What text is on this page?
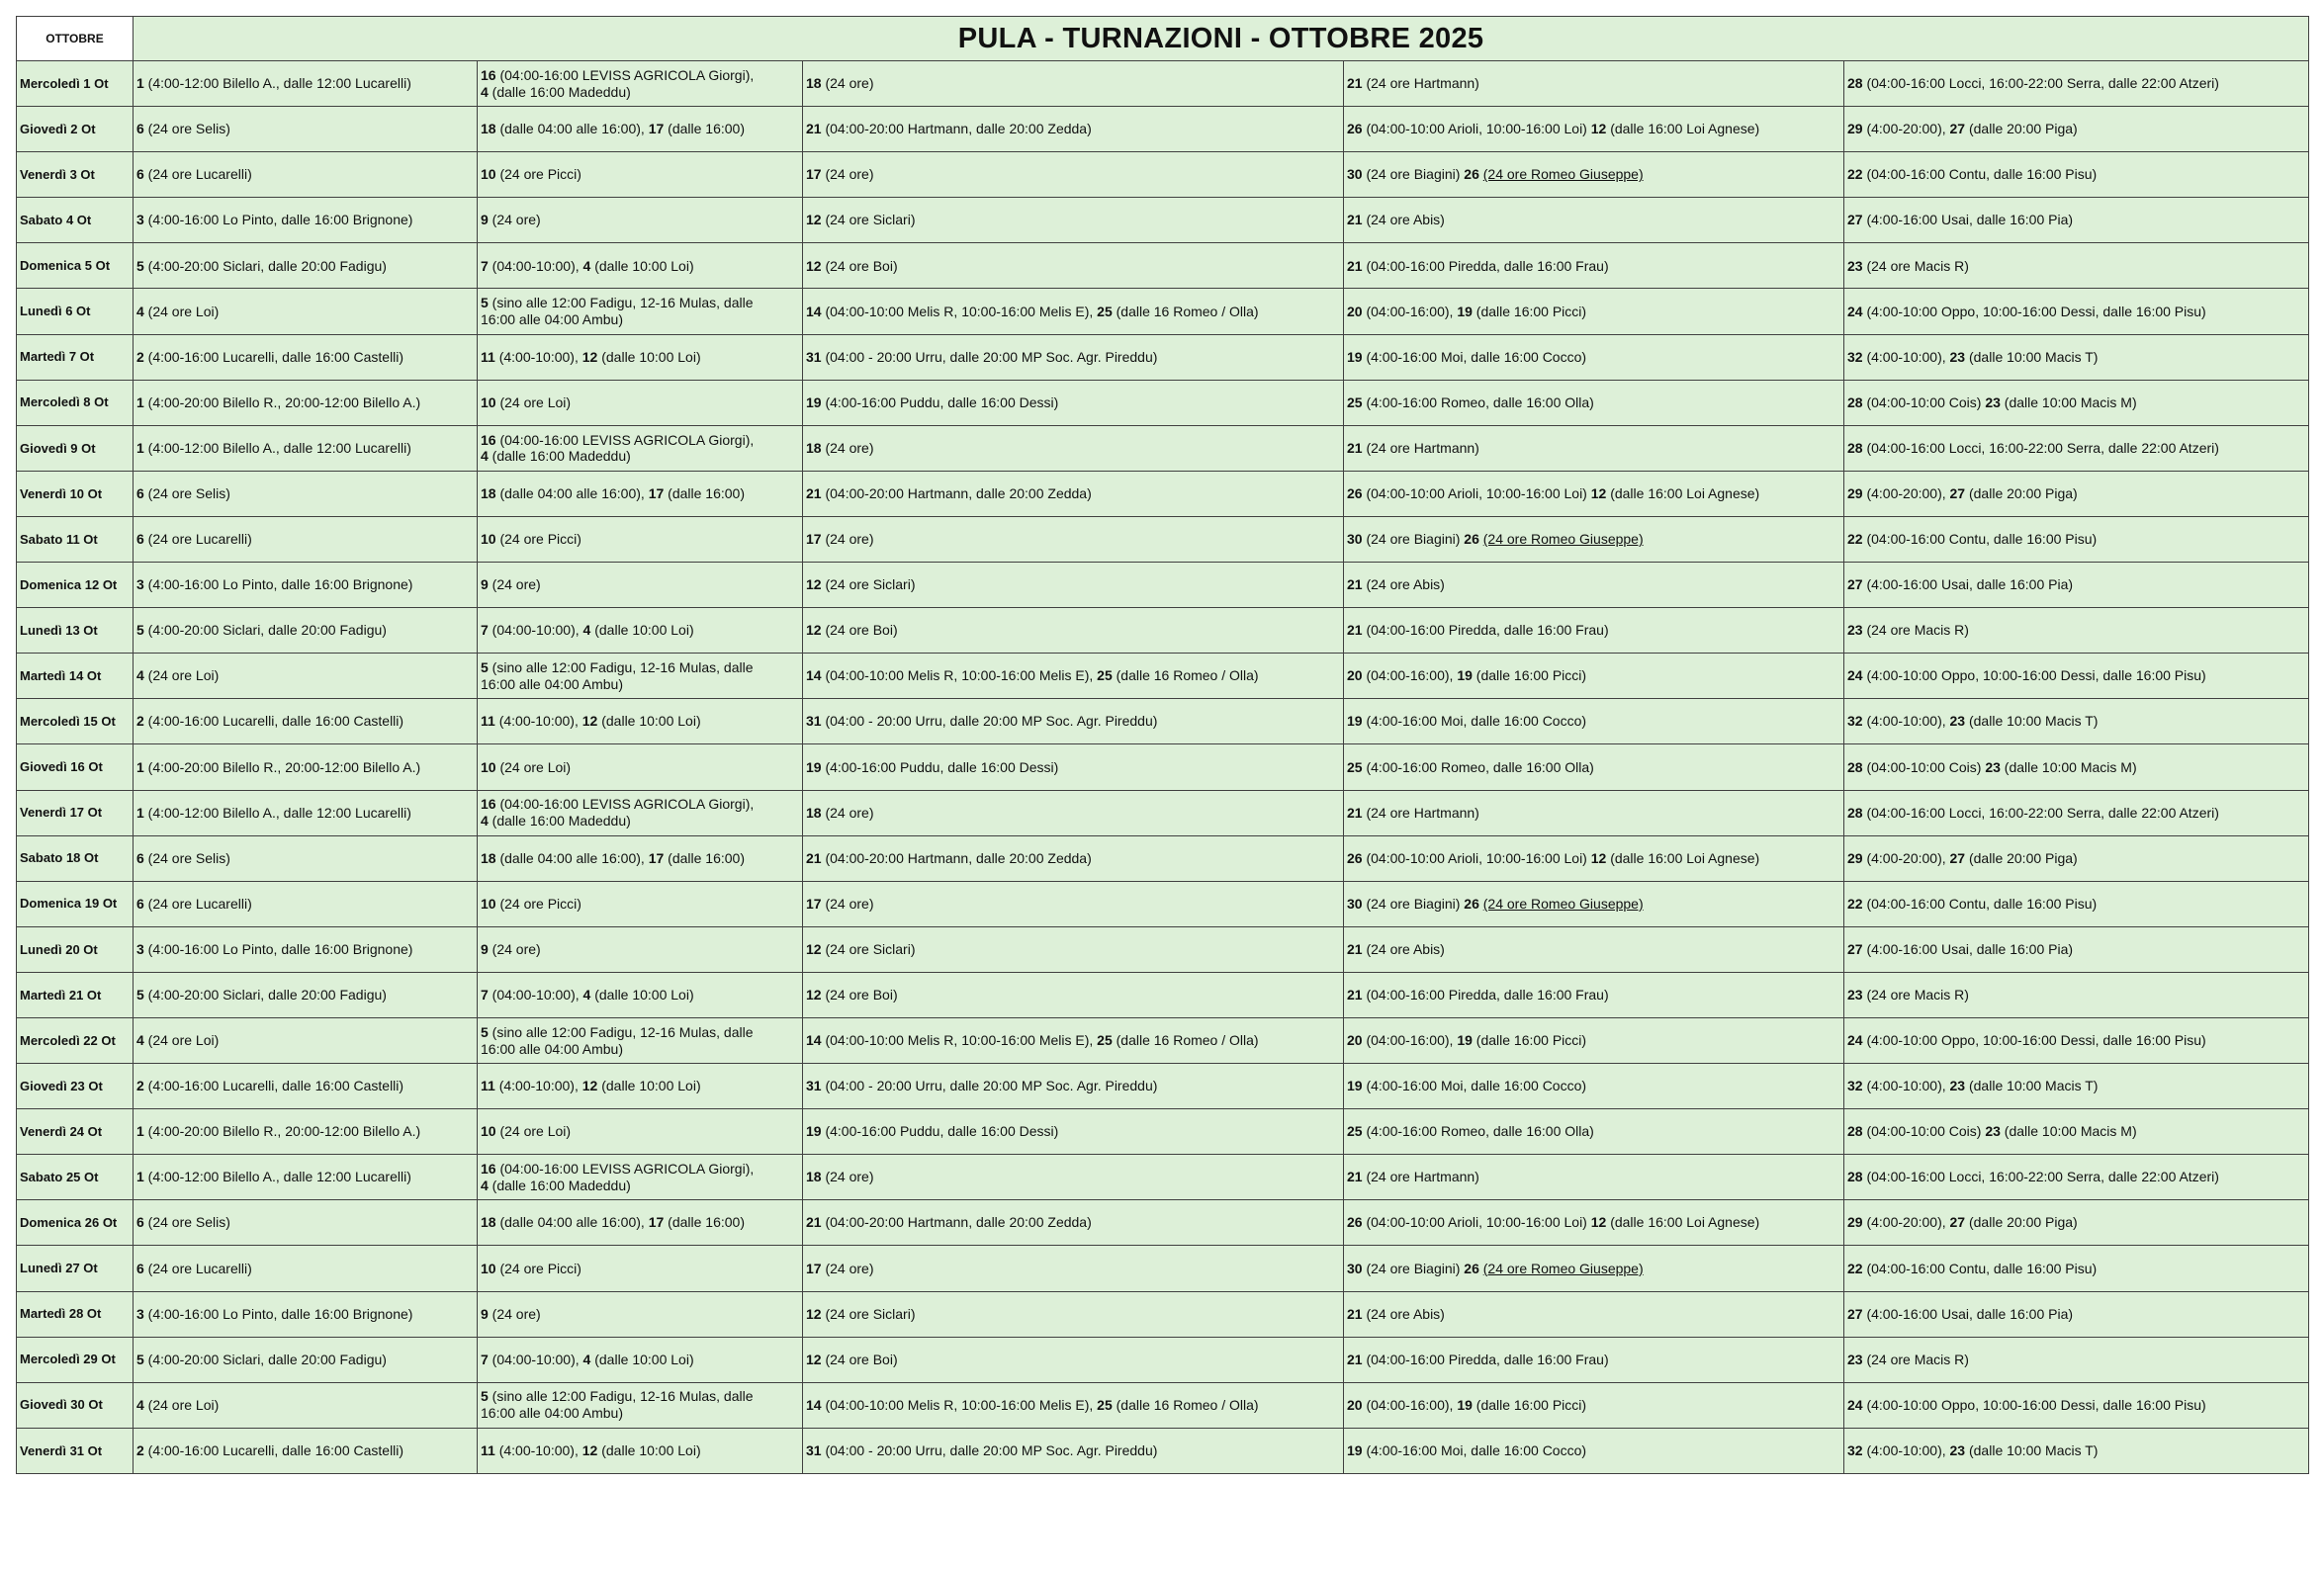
OTTOBRE	PULA - TURNAZIONI - OTTOBRE 2025				
Mercoledì 1 Ot	1 (4:00-12:00 Bilello A., dalle 12:00 Lucarelli)	16 (04:00-16:00 LEVISS AGRICOLA Giorgi),
4 (dalle 16:00 Madeddu)	18 (24 ore)	21 (24 ore Hartmann)	28 (04:00-16:00 Locci, 16:00-22:00 Serra, dalle 22:00 Atzeri)
Giovedì 2 Ot	6 (24 ore Selis)	18 (dalle 04:00 alle 16:00), 17 (dalle 16:00)	21 (04:00-20:00 Hartmann, dalle 20:00 Zedda)	26 (04:00-10:00 Arioli, 10:00-16:00 Loi) 12 (dalle 16:00 Loi Agnese)	29 (4:00-20:00), 27 (dalle 20:00 Piga)
Venerdì 3 Ot	6 (24 ore Lucarelli)	10 (24 ore Picci)	17 (24 ore)	30 (24 ore Biagini) 26 (24 ore Romeo Giuseppe)	22 (04:00-16:00 Contu, dalle 16:00 Pisu)
Sabato 4 Ot	3 (4:00-16:00 Lo Pinto, dalle 16:00 Brignone)	9 (24 ore)	12 (24 ore Siclari)	21 (24 ore Abis)	27 (4:00-16:00 Usai, dalle 16:00 Pia)
Domenica 5 Ot	5 (4:00-20:00 Siclari, dalle 20:00 Fadigu)	7 (04:00-10:00), 4 (dalle 10:00 Loi)	12 (24 ore Boi)	21 (04:00-16:00 Piredda, dalle 16:00 Frau)	23 (24 ore Macis R)
Lunedì 6 Ot	4 (24 ore Loi)	5 (sino alle 12:00 Fadigu, 12-16 Mulas, dalle
16:00 alle 04:00 Ambu)	14 (04:00-10:00 Melis R, 10:00-16:00 Melis E), 25 (dalle 16 Romeo / Olla)	20 (04:00-16:00), 19 (dalle 16:00 Picci)	24 (4:00-10:00 Oppo, 10:00-16:00 Dessi, dalle 16:00 Pisu)
Martedì 7 Ot	2 (4:00-16:00 Lucarelli, dalle 16:00 Castelli)	11 (4:00-10:00), 12 (dalle 10:00 Loi)	31 (04:00 - 20:00 Urru, dalle 20:00 MP Soc. Agr. Pireddu)	19 (4:00-16:00 Moi, dalle 16:00 Cocco)	32 (4:00-10:00), 23 (dalle 10:00 Macis T)
Mercoledì 8 Ot	1 (4:00-20:00 Bilello R., 20:00-12:00 Bilello A.)	10 (24 ore Loi)	19 (4:00-16:00 Puddu, dalle 16:00 Dessi)	25 (4:00-16:00 Romeo, dalle 16:00 Olla)	28 (04:00-10:00 Cois) 23 (dalle 10:00 Macis M)
Giovedì 9 Ot	1 (4:00-12:00 Bilello A., dalle 12:00 Lucarelli)	16 (04:00-16:00 LEVISS AGRICOLA Giorgi),
4 (dalle 16:00 Madeddu)	18 (24 ore)	21 (24 ore Hartmann)	28 (04:00-16:00 Locci, 16:00-22:00 Serra, dalle 22:00 Atzeri)
Venerdì 10 Ot	6 (24 ore Selis)	18 (dalle 04:00 alle 16:00), 17 (dalle 16:00)	21 (04:00-20:00 Hartmann, dalle 20:00 Zedda)	26 (04:00-10:00 Arioli, 10:00-16:00 Loi) 12 (dalle 16:00 Loi Agnese)	29 (4:00-20:00), 27 (dalle 20:00 Piga)
Sabato 11 Ot	6 (24 ore Lucarelli)	10 (24 ore Picci)	17 (24 ore)	30 (24 ore Biagini) 26 (24 ore Romeo Giuseppe)	22 (04:00-16:00 Contu, dalle 16:00 Pisu)
Domenica 12 Ot	3 (4:00-16:00 Lo Pinto, dalle 16:00 Brignone)	9 (24 ore)	12 (24 ore Siclari)	21 (24 ore Abis)	27 (4:00-16:00 Usai, dalle 16:00 Pia)
Lunedì 13 Ot	5 (4:00-20:00 Siclari, dalle 20:00 Fadigu)	7 (04:00-10:00), 4 (dalle 10:00 Loi)	12 (24 ore Boi)	21 (04:00-16:00 Piredda, dalle 16:00 Frau)	23 (24 ore Macis R)
Martedì 14 Ot	4 (24 ore Loi)	5 (sino alle 12:00 Fadigu, 12-16 Mulas, dalle
16:00 alle 04:00 Ambu)	14 (04:00-10:00 Melis R, 10:00-16:00 Melis E), 25 (dalle 16 Romeo / Olla)	20 (04:00-16:00), 19 (dalle 16:00 Picci)	24 (4:00-10:00 Oppo, 10:00-16:00 Dessi, dalle 16:00 Pisu)
Mercoledì 15 Ot	2 (4:00-16:00 Lucarelli, dalle 16:00 Castelli)	11 (4:00-10:00), 12 (dalle 10:00 Loi)	31 (04:00 - 20:00 Urru, dalle 20:00 MP Soc. Agr. Pireddu)	19 (4:00-16:00 Moi, dalle 16:00 Cocco)	32 (4:00-10:00), 23 (dalle 10:00 Macis T)
Giovedì 16 Ot	1 (4:00-20:00 Bilello R., 20:00-12:00 Bilello A.)	10 (24 ore Loi)	19 (4:00-16:00 Puddu, dalle 16:00 Dessi)	25 (4:00-16:00 Romeo, dalle 16:00 Olla)	28 (04:00-10:00 Cois) 23 (dalle 10:00 Macis M)
Venerdì 17 Ot	1 (4:00-12:00 Bilello A., dalle 12:00 Lucarelli)	16 (04:00-16:00 LEVISS AGRICOLA Giorgi),
4 (dalle 16:00 Madeddu)	18 (24 ore)	21 (24 ore Hartmann)	28 (04:00-16:00 Locci, 16:00-22:00 Serra, dalle 22:00 Atzeri)
Sabato 18 Ot	6 (24 ore Selis)	18 (dalle 04:00 alle 16:00), 17 (dalle 16:00)	21 (04:00-20:00 Hartmann, dalle 20:00 Zedda)	26 (04:00-10:00 Arioli, 10:00-16:00 Loi) 12 (dalle 16:00 Loi Agnese)	29 (4:00-20:00), 27 (dalle 20:00 Piga)
Domenica 19 Ot	6 (24 ore Lucarelli)	10 (24 ore Picci)	17 (24 ore)	30 (24 ore Biagini) 26 (24 ore Romeo Giuseppe)	22 (04:00-16:00 Contu, dalle 16:00 Pisu)
Lunedì 20 Ot	3 (4:00-16:00 Lo Pinto, dalle 16:00 Brignone)	9 (24 ore)	12 (24 ore Siclari)	21 (24 ore Abis)	27 (4:00-16:00 Usai, dalle 16:00 Pia)
Martedì 21 Ot	5 (4:00-20:00 Siclari, dalle 20:00 Fadigu)	7 (04:00-10:00), 4 (dalle 10:00 Loi)	12 (24 ore Boi)	21 (04:00-16:00 Piredda, dalle 16:00 Frau)	23 (24 ore Macis R)
Mercoledì 22 Ot	4 (24 ore Loi)	5 (sino alle 12:00 Fadigu, 12-16 Mulas, dalle
16:00 alle 04:00 Ambu)	14 (04:00-10:00 Melis R, 10:00-16:00 Melis E), 25 (dalle 16 Romeo / Olla)	20 (04:00-16:00), 19 (dalle 16:00 Picci)	24 (4:00-10:00 Oppo, 10:00-16:00 Dessi, dalle 16:00 Pisu)
Giovedì 23 Ot	2 (4:00-16:00 Lucarelli, dalle 16:00 Castelli)	11 (4:00-10:00), 12 (dalle 10:00 Loi)	31 (04:00 - 20:00 Urru, dalle 20:00 MP Soc. Agr. Pireddu)	19 (4:00-16:00 Moi, dalle 16:00 Cocco)	32 (4:00-10:00), 23 (dalle 10:00 Macis T)
Venerdì 24 Ot	1 (4:00-20:00 Bilello R., 20:00-12:00 Bilello A.)	10 (24 ore Loi)	19 (4:00-16:00 Puddu, dalle 16:00 Dessi)	25 (4:00-16:00 Romeo, dalle 16:00 Olla)	28 (04:00-10:00 Cois) 23 (dalle 10:00 Macis M)
Sabato 25 Ot	1 (4:00-12:00 Bilello A., dalle 12:00 Lucarelli)	16 (04:00-16:00 LEVISS AGRICOLA Giorgi),
4 (dalle 16:00 Madeddu)	18 (24 ore)	21 (24 ore Hartmann)	28 (04:00-16:00 Locci, 16:00-22:00 Serra, dalle 22:00 Atzeri)
Domenica 26 Ot	6 (24 ore Selis)	18 (dalle 04:00 alle 16:00), 17 (dalle 16:00)	21 (04:00-20:00 Hartmann, dalle 20:00 Zedda)	26 (04:00-10:00 Arioli, 10:00-16:00 Loi) 12 (dalle 16:00 Loi Agnese)	29 (4:00-20:00), 27 (dalle 20:00 Piga)
Lunedì 27 Ot	6 (24 ore Lucarelli)	10 (24 ore Picci)	17 (24 ore)	30 (24 ore Biagini) 26 (24 ore Romeo Giuseppe)	22 (04:00-16:00 Contu, dalle 16:00 Pisu)
Martedì 28 Ot	3 (4:00-16:00 Lo Pinto, dalle 16:00 Brignone)	9 (24 ore)	12 (24 ore Siclari)	21 (24 ore Abis)	27 (4:00-16:00 Usai, dalle 16:00 Pia)
Mercoledì 29 Ot	5 (4:00-20:00 Siclari, dalle 20:00 Fadigu)	7 (04:00-10:00), 4 (dalle 10:00 Loi)	12 (24 ore Boi)	21 (04:00-16:00 Piredda, dalle 16:00 Frau)	23 (24 ore Macis R)
Giovedì 30 Ot	4 (24 ore Loi)	5 (sino alle 12:00 Fadigu, 12-16 Mulas, dalle
16:00 alle 04:00 Ambu)	14 (04:00-10:00 Melis R, 10:00-16:00 Melis E), 25 (dalle 16 Romeo / Olla)	20 (04:00-16:00), 19 (dalle 16:00 Picci)	24 (4:00-10:00 Oppo, 10:00-16:00 Dessi, dalle 16:00 Pisu)
Venerdì 31 Ot	2 (4:00-16:00 Lucarelli, dalle 16:00 Castelli)	11 (4:00-10:00), 12 (dalle 10:00 Loi)	31 (04:00 - 20:00 Urru, dalle 20:00 MP Soc. Agr. Pireddu)	19 (4:00-16:00 Moi, dalle 16:00 Cocco)	32 (4:00-10:00), 23 (dalle 10:00 Macis T)
